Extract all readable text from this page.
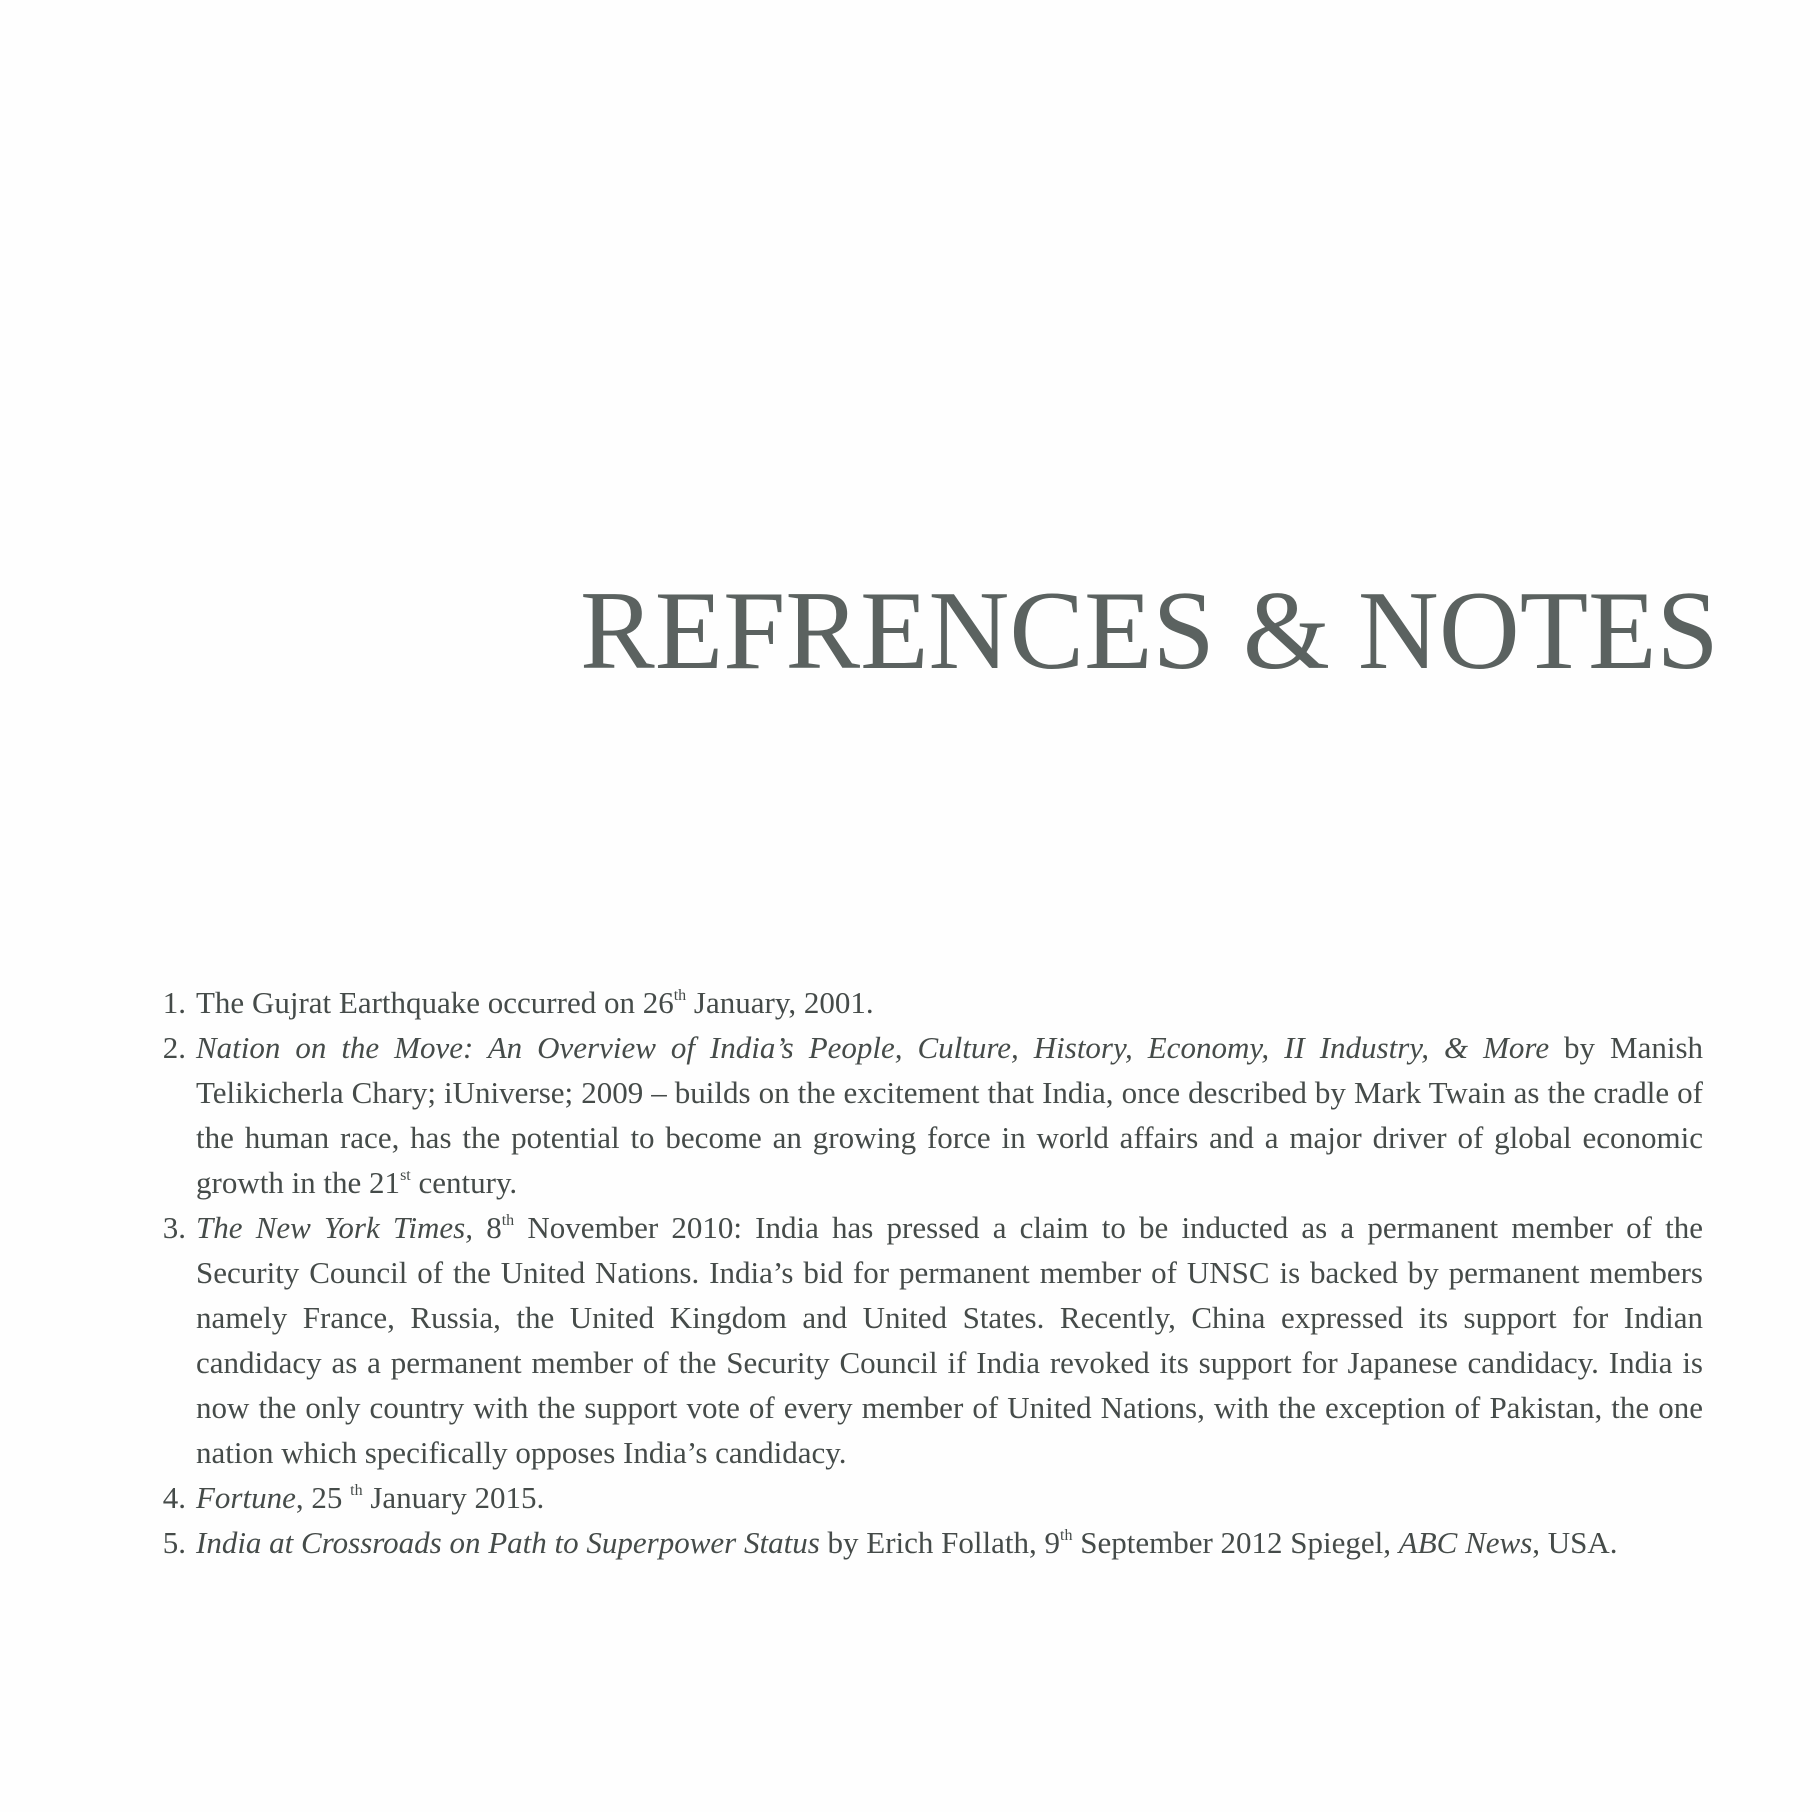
REFRENCES & NOTES
1. The Gujrat Earthquake occurred on 26th January, 2001.
2. Nation on the Move: An Overview of India’s People, Culture, History, Economy, II Industry, & More by Manish Telikicherla Chary; iUniverse; 2009 – builds on the excitement that India, once described by Mark Twain as the cradle of the human race, has the potential to become an growing force in world affairs and a major driver of global economic growth in the 21st century.
3. The New York Times, 8th November 2010: India has pressed a claim to be inducted as a permanent member of the Security Council of the United Nations. India’s bid for permanent member of UNSC is backed by permanent members namely France, Russia, the United Kingdom and United States. Recently, China expressed its support for Indian candidacy as a permanent member of the Security Council if India revoked its support for Japanese candidacy. India is now the only country with the support vote of every member of United Nations, with the exception of Pakistan, the one nation which specifically opposes India’s candidacy.
4. Fortune, 25 $^{th}$ January 2015.
5. India at Crossroads on Path to Superpower Status by Erich Follath, 9th September 2012 Spiegel, ABC News, USA.
